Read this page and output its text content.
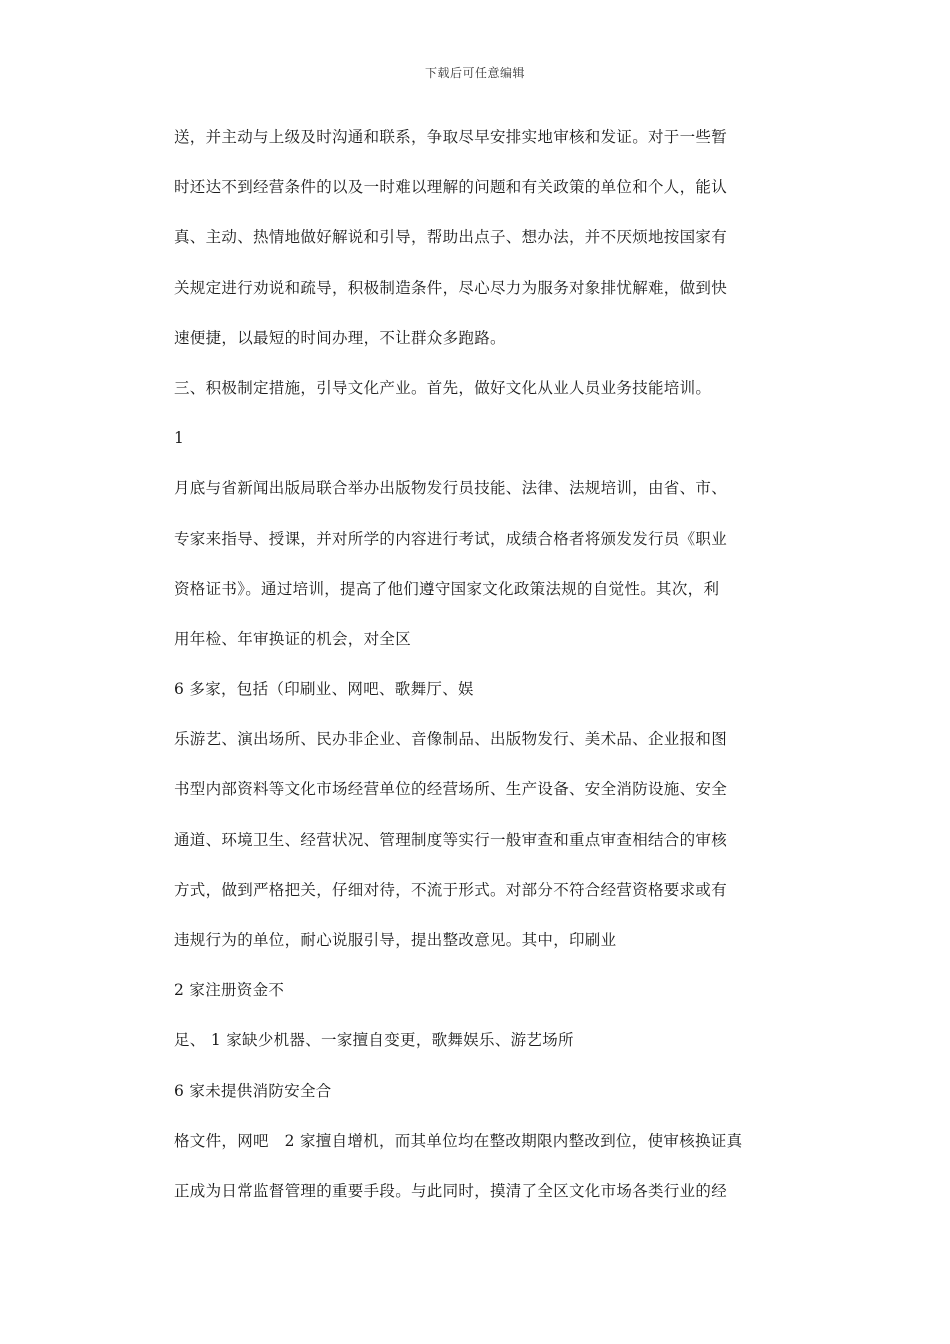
下载后可任意编辑
送，并主动与上级及时沟通和联系，争取尽早安排实地审核和发证。对于一些暂
时还达不到经营条件的以及一时难以理解的问题和有关政策的单位和个人，能认
真、主动、热情地做好解说和引导，帮助出点子、想办法，并不厌烦地按国家有
关规定进行劝说和疏导，积极制造条件，尽心尽力为服务对象排忧解难，做到快
速便捷，以最短的时间办理，不让群众多跑路。
三、积极制定措施，引导文化产业。首先，做好文化从业人员业务技能培训。
1
月底与省新闻出版局联合举办出版物发行员技能、法律、法规培训，由省、市、
专家来指导、授课，并对所学的内容进行考试，成绩合格者将颁发发行员《职业
资格证书》。通过培训，提高了他们遵守国家文化政策法规的自觉性。其次，利
用年检、年审换证的机会，对全区
6 多家，包括（印刷业、网吧、歌舞厅、娱
乐游艺、演出场所、民办非企业、音像制品、出版物发行、美术品、企业报和图
书型内部资料等文化市场经营单位的经营场所、生产设备、安全消防设施、安全
通道、环境卫生、经营状况、管理制度等实行一般审查和重点审查相结合的审核
方式，做到严格把关，仔细对待，不流于形式。对部分不符合经营资格要求或有
违规行为的单位，耐心说服引导，提出整改意见。其中，印刷业
2 家注册资金不
足、 1 家缺少机器、一家擅自变更，歌舞娱乐、游艺场所
6 家未提供消防安全合
格文件，网吧　2 家擅自增机，而其单位均在整改期限内整改到位，使审核换证真
正成为日常监督管理的重要手段。与此同时，摸清了全区文化市场各类行业的经
